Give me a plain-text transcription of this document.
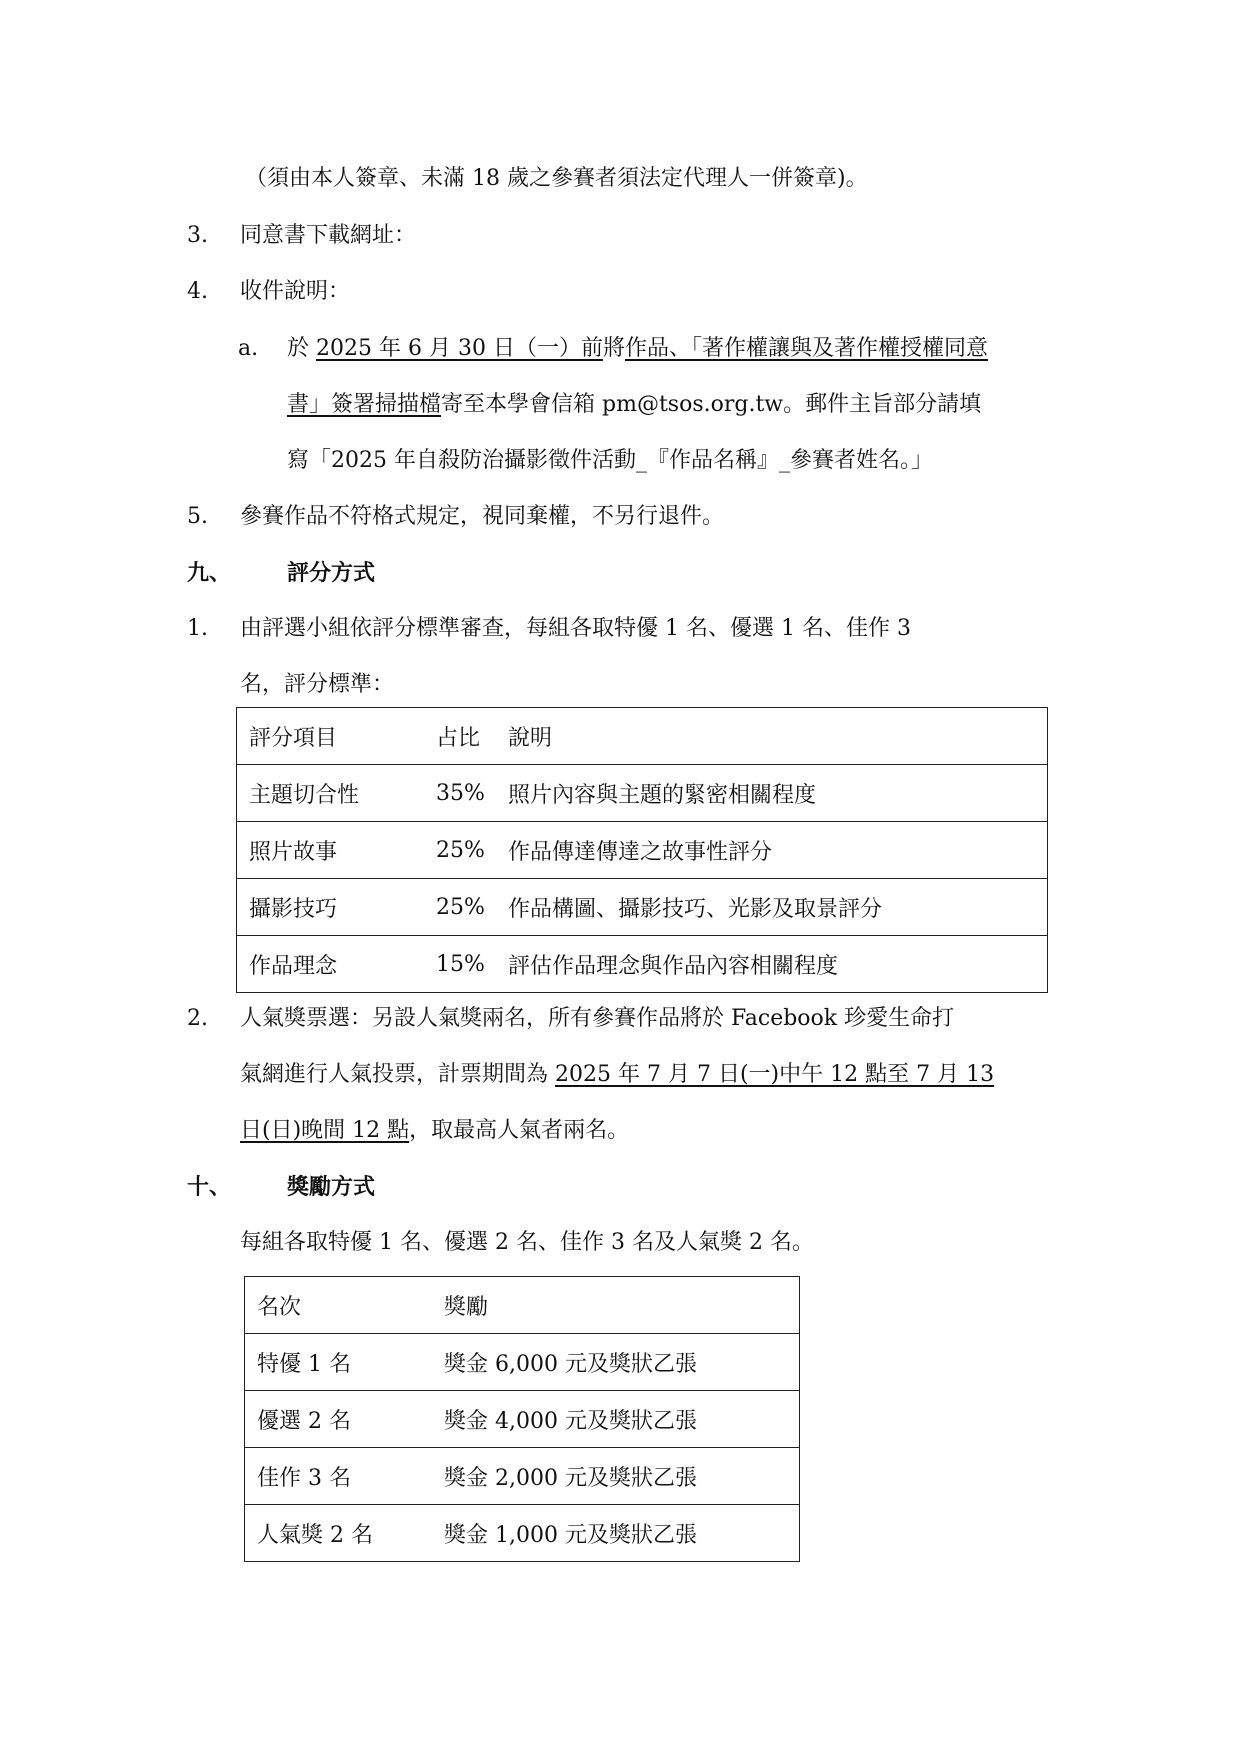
（須由本人簽章、未滿 18 歲之參賽者須法定代理人一併簽章)。
3. 同意書下載網址：
4. 收件說明：
a. 於 2025 年 6 月 30 日（一）前將作品、「著作權讓與及著作權授權同意
書」簽署掃描檔寄至本學會信箱 pm@tsos.org.tw。郵件主旨部分請填
寫「2025 年自殺防治攝影徵件活動_『作品名稱』_參賽者姓名。」
5. 參賽作品不符格式規定，視同棄權，不另行退件。
九、	評分方式
1. 由評選小組依評分標準審查，每組各取特優 1 名、優選 1 名、佳作 3
名，評分標準：
評分項目	占比	說明
主題切合性	35%	照片內容與主題的緊密相關程度
照片故事	25%	作品傳達傳達之故事性評分
攝影技巧	25%	作品構圖、攝影技巧、光影及取景評分
作品理念	15%	評估作品理念與作品內容相關程度
2. 人氣獎票選：另設人氣獎兩名，所有參賽作品將於 Facebook 珍愛生命打
氣網進行人氣投票，計票期間為 2025 年 7 月 7 日(一)中午 12 點至 7 月 13
日(日)晚間 12 點，取最高人氣者兩名。
十、	獎勵方式
每組各取特優 1 名、優選 2 名、佳作 3 名及人氣獎 2 名。
名次	獎勵
特優 1 名	獎金 6,000 元及獎狀乙張
優選 2 名	獎金 4,000 元及獎狀乙張
佳作 3 名	獎金 2,000 元及獎狀乙張
人氣獎 2 名	獎金 1,000 元及獎狀乙張
